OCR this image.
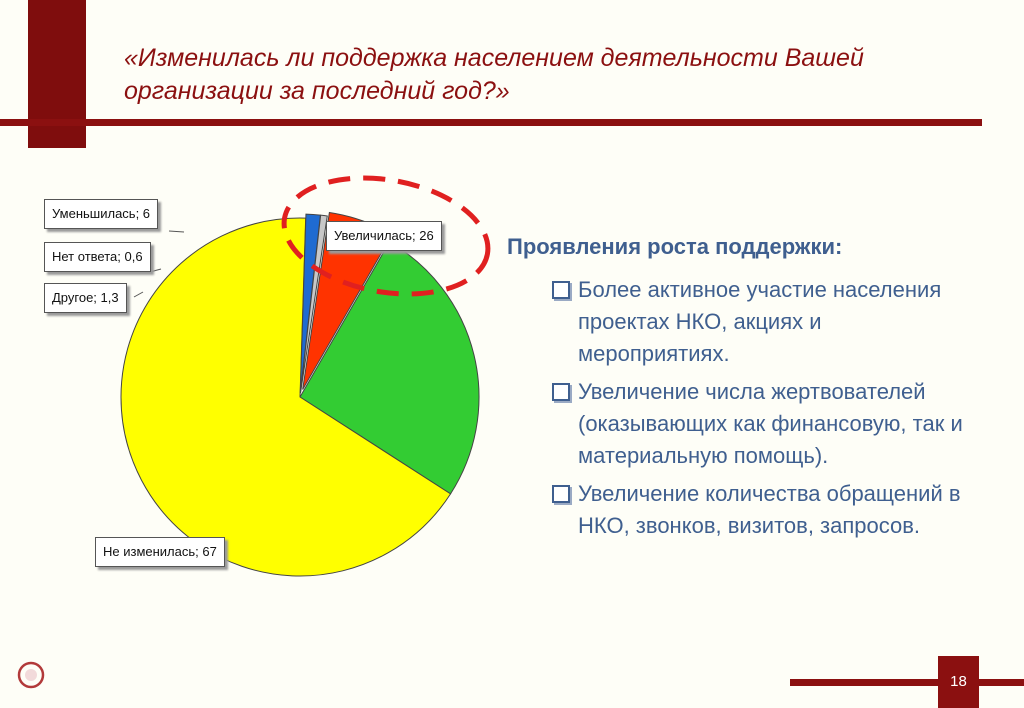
«Изменилась ли поддержка населением деятельности Вашей организации за последний год?»
Увеличилась; 26
Не изменилась; 67
Другое; 1,3
Нет ответа; 0,6
Уменьшилась; 6
Проявления роста поддержки:
Более активное участие населения проектах НКО, акциях и мероприятиях.
Увеличение числа жертвователей (оказывающих как финансовую, так и материальную помощь).
Увеличение количества обращений в НКО, звонков, визитов, запросов.
18
